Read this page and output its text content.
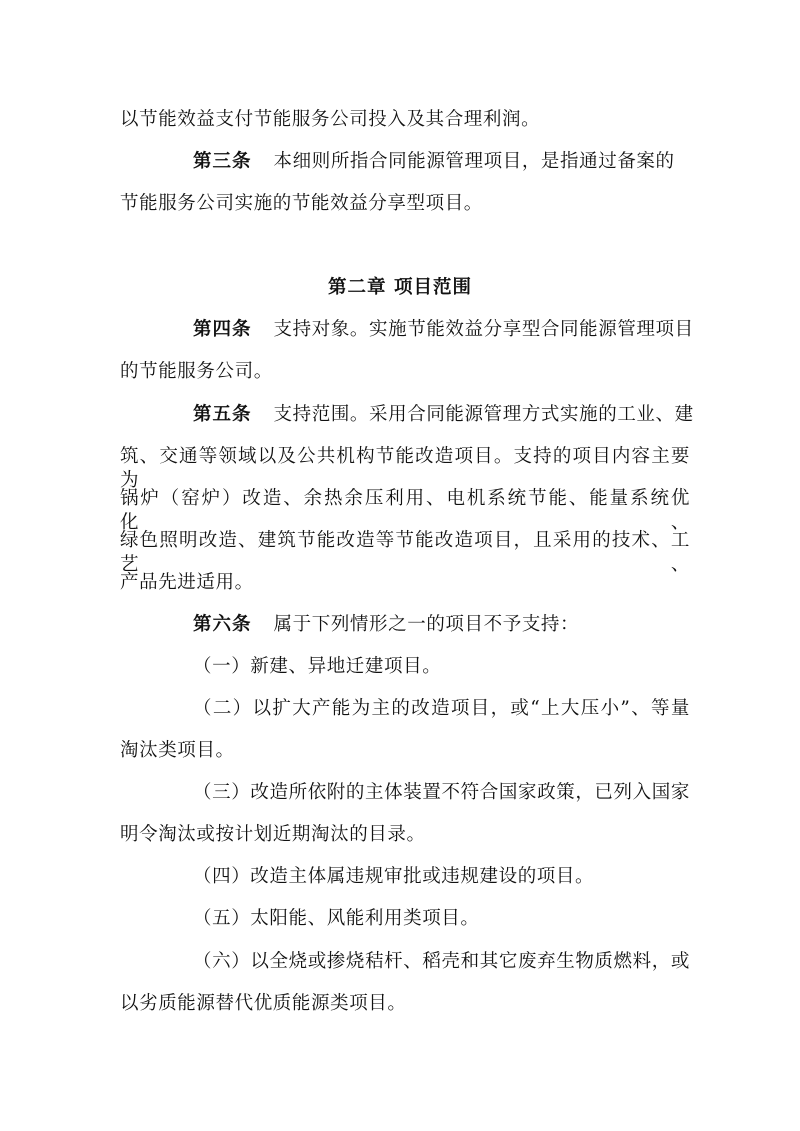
以节能效益支付节能服务公司投入及其合理利润。
第三条 本细则所指合同能源管理项目，是指通过备案的
节能服务公司实施的节能效益分享型项目。
第二章 项目范围
第四条 支持对象。实施节能效益分享型合同能源管理项目
的节能服务公司。
第五条 支持范围。采用合同能源管理方式实施的工业、建
筑、交通等领域以及公共机构节能改造项目。支持的项目内容主要为
锅炉（窑炉）改造、余热余压利用、电机系统节能、能量系统优化、
绿色照明改造、建筑节能改造等节能改造项目，且采用的技术、工艺、
产品先进适用。
第六条 属于下列情形之一的项目不予支持：
（一）新建、异地迁建项目。
（二）以扩大产能为主的改造项目，或“上大压小”、等量
淘汰类项目。
（三）改造所依附的主体装置不符合国家政策，已列入国家
明令淘汰或按计划近期淘汰的目录。
（四）改造主体属违规审批或违规建设的项目。
（五）太阳能、风能利用类项目。
（六）以全烧或掺烧秸杆、稻壳和其它废弃生物质燃料，或
以劣质能源替代优质能源类项目。
